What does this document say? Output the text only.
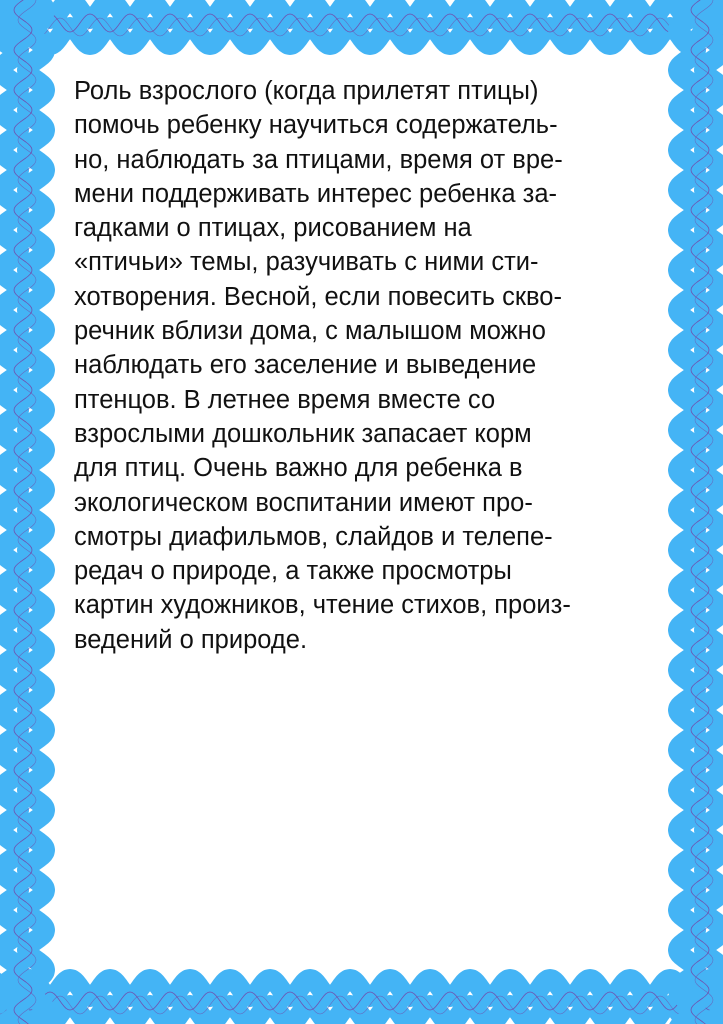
Роль взрослого (когда прилетят птицы)
помочь ребенку научиться содержатель-
но, наблюдать за птицами, время от вре-
мени поддерживать интерес ребенка за-
гадками о птицах, рисованием на
«птичьи» темы, разучивать с ними сти-
хотворения. Весной, если повесить скво-
речник вблизи дома, с малышом можно
наблюдать его заселение и выведение
птенцов. В летнее время вместе со
взрослыми дошкольник запасает корм
для птиц. Очень важно для ребенка в
экологическом воспитании имеют про-
смотры диафильмов, слайдов и телепе-
редач о природе, а также просмотры
картин художников, чтение стихов, произ-
ведений о природе.
